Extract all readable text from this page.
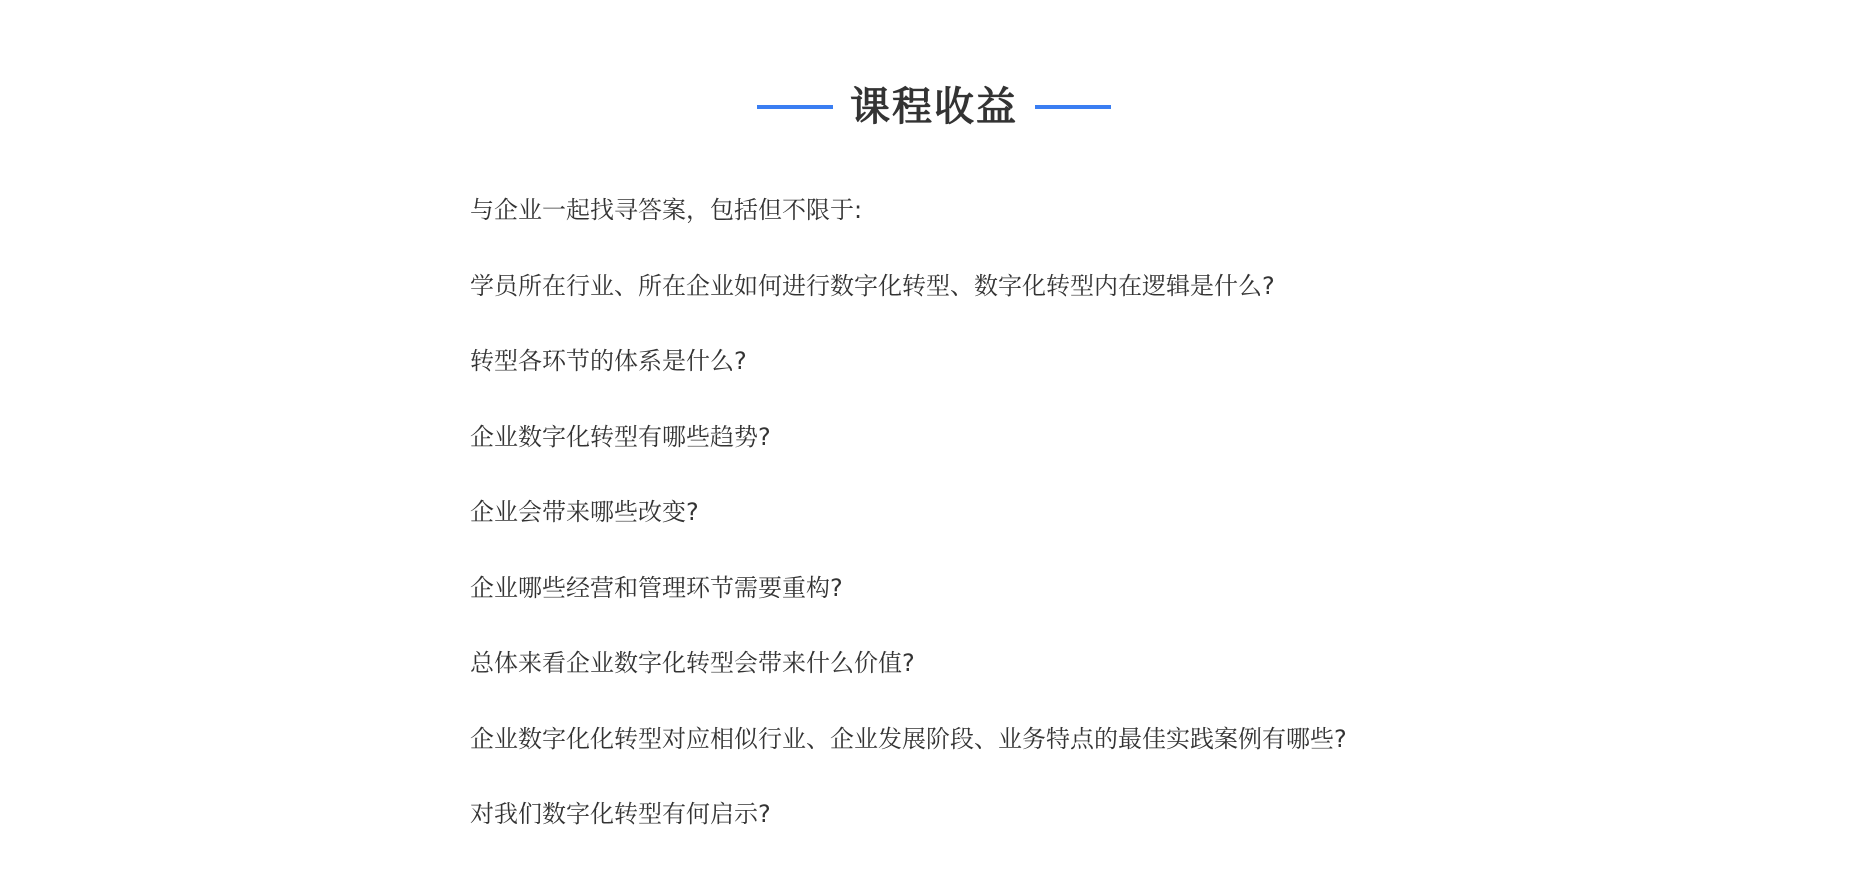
课程收益

与企业一起找寻答案，包括但不限于:

学员所在行业、所在企业如何进行数字化转型、数字化转型内在逻辑是什么?

转型各环节的体系是什么?

企业数字化转型有哪些趋势?

企业会带来哪些改变?

企业哪些经营和管理环节需要重构?

总体来看企业数字化转型会带来什么价值?

企业数字化化转型对应相似行业、企业发展阶段、业务特点的最佳实践案例有哪些?

对我们数字化转型有何启示?
